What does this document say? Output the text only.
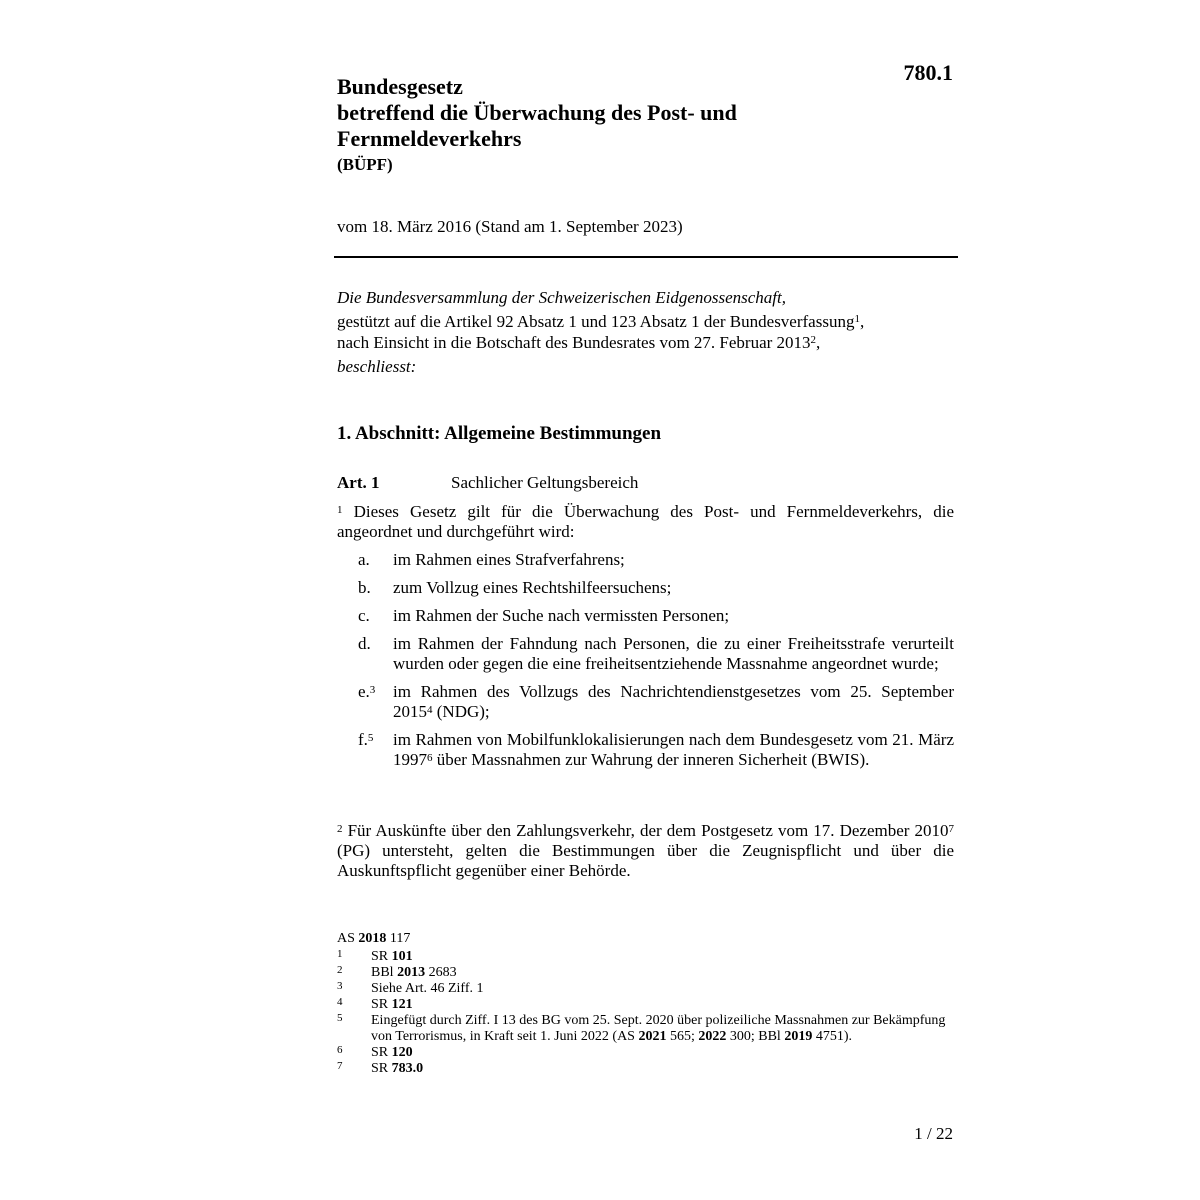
780.1
Bundesgesetz
betreffend die Überwachung des Post- und
Fernmeldeverkehrs
(BÜPF)
vom 18. März 2016 (Stand am 1. September 2023)
Die Bundesversammlung der Schweizerischen Eidgenossenschaft,
gestützt auf die Artikel 92 Absatz 1 und 123 Absatz 1 der Bundesverfassung$^1$,
nach Einsicht in die Botschaft des Bundesrates vom 27. Februar 2013$^2$,
beschliesst:
1. Abschnitt: Allgemeine Bestimmungen
Art. 1	Sachlicher Geltungsbereich
$^1$ Dieses Gesetz gilt für die Überwachung des Post- und Fernmeldeverkehrs, die angeordnet und durchgeführt wird:
a. im Rahmen eines Strafverfahrens;
b. zum Vollzug eines Rechtshilfeersuchens;
c. im Rahmen der Suche nach vermissten Personen;
d. im Rahmen der Fahndung nach Personen, die zu einer Freiheitsstrafe verurteilt wurden oder gegen die eine freiheitsentziehende Massnahme angeordnet wurde;
e.$^3$ im Rahmen des Vollzugs des Nachrichtendienstgesetzes vom 25. September 2015$^4$ (NDG);
f.$^5$ im Rahmen von Mobilfunklokalisierungen nach dem Bundesgesetz vom 21. März 1997$^6$ über Massnahmen zur Wahrung der inneren Sicherheit (BWIS).
$^2$ Für Auskünfte über den Zahlungsverkehr, der dem Postgesetz vom 17. Dezember 2010$^7$ (PG) untersteht, gelten die Bestimmungen über die Zeugnispflicht und über die Auskunftspflicht gegenüber einer Behörde.
AS 2018 117
1 SR 101
2 BBl 2013 2683
3 Siehe Art. 46 Ziff. 1
4 SR 121
5 Eingefügt durch Ziff. I 13 des BG vom 25. Sept. 2020 über polizeiliche Massnahmen zur Bekämpfung von Terrorismus, in Kraft seit 1. Juni 2022 (AS 2021 565; 2022 300; BBl 2019 4751).
6 SR 120
7 SR 783.0
1 / 22
